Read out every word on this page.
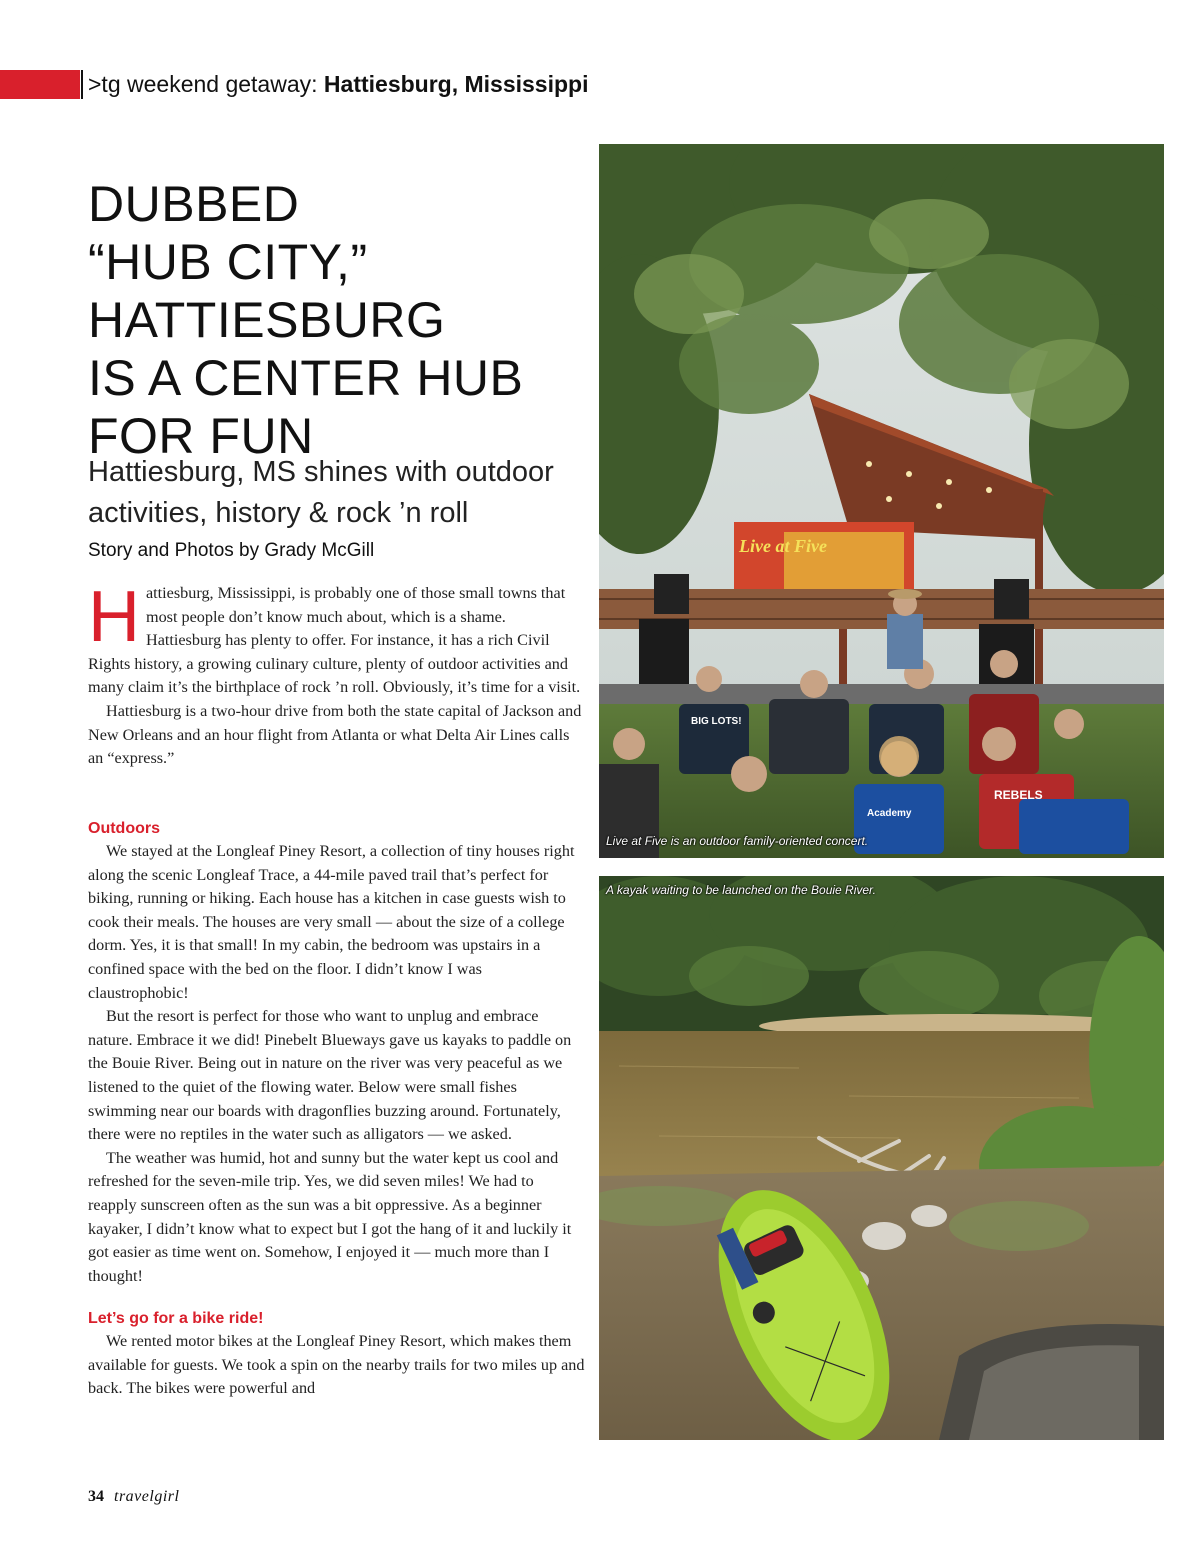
>tg weekend getaway: Hattiesburg, Mississippi
DUBBED
“HUB CITY,”
HATTIESBURG
IS A CENTER HUB
FOR FUN

Hattiesburg, MS shines with outdoor activities, history & rock ’n roll

Story and Photos by Grady McGill

Hattiesburg, Mississippi, is probably one of those small towns that most people don’t know much about, which is a shame. Hattiesburg has plenty to offer. For instance, it has a rich Civil Rights history, a growing culinary culture, plenty of outdoor activities and many claim it’s the birthplace of rock ’n roll. Obviously, it’s time for a visit.

Hattiesburg is a two-hour drive from both the state capital of Jackson and New Orleans and an hour flight from Atlanta or what Delta Air Lines calls an “express.”

Outdoors

We stayed at the Longleaf Piney Resort, a collection of tiny houses right along the scenic Longleaf Trace, a 44-mile paved trail that’s perfect for biking, running or hiking. Each house has a kitchen in case guests wish to cook their meals. The houses are very small — about the size of a college dorm. Yes, it is that small! In my cabin, the bedroom was upstairs in a confined space with the bed on the floor. I didn’t know I was claustrophobic!

But the resort is perfect for those who want to unplug and embrace nature. Embrace it we did! Pinebelt Blueways gave us kayaks to paddle on the Bouie River. Being out in nature on the river was very peaceful as we listened to the quiet of the flowing water. Below were small fishes swimming near our boards with dragonflies buzzing around. Fortunately, there were no reptiles in the water such as alligators — we asked.

The weather was humid, hot and sunny but the water kept us cool and refreshed for the seven-mile trip. Yes, we did seven miles! We had to reapply sunscreen often as the sun was a bit oppressive. As a beginner kayaker, I didn’t know what to expect but I got the hang of it and luckily it got easier as time went on. Somehow, I enjoyed it — much more than I thought!

Let’s go for a bike ride!

We rented motor bikes at the Longleaf Piney Resort, which makes them available for guests. We took a spin on the nearby trails for two miles up and back. The bikes were powerful and

Live at Five
BIG LOTS!
REBELS
Academy
Live at Five is an outdoor family-oriented concert.
A kayak waiting to be launched on the Bouie River.
34 travelgirl
